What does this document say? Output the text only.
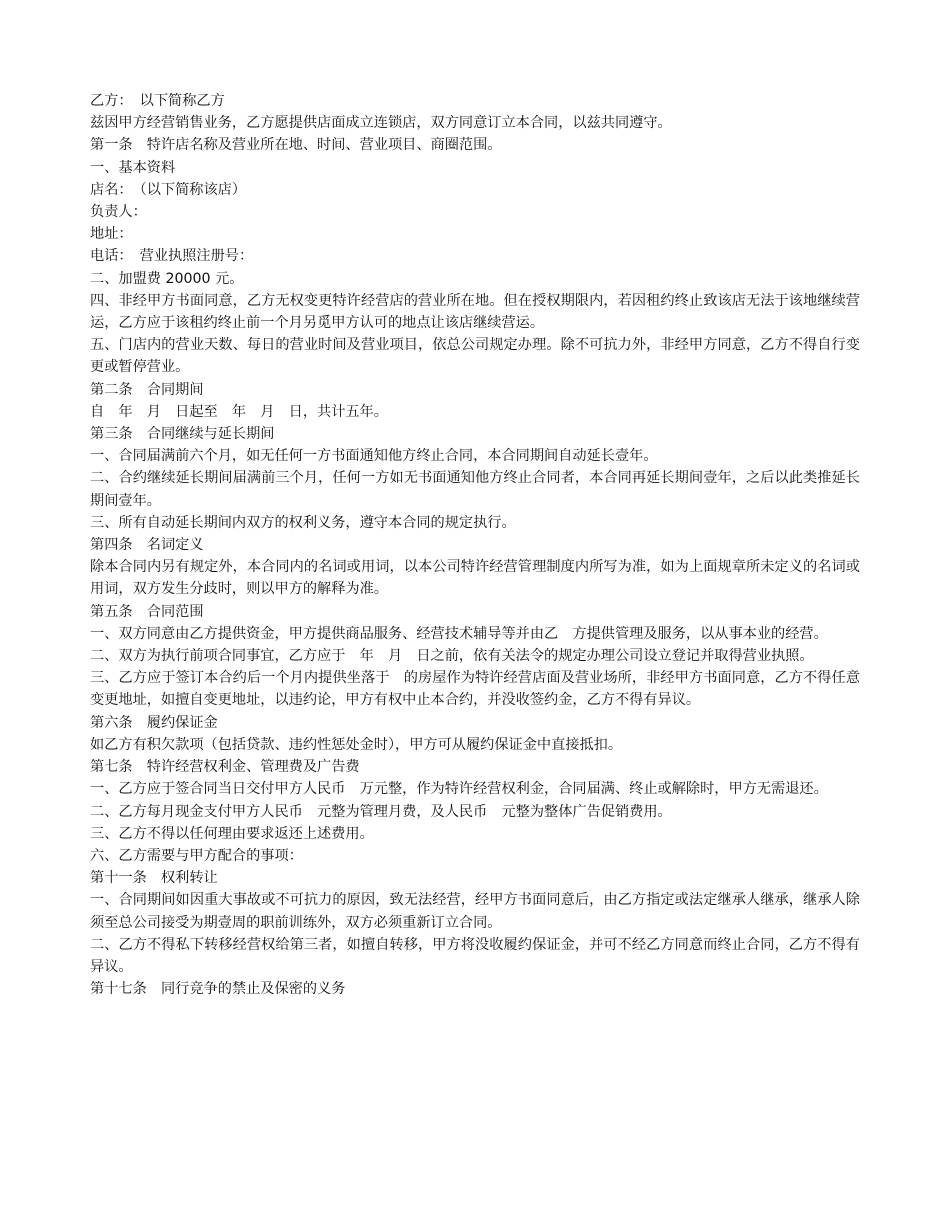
乙方：　以下简称乙方

兹因甲方经营销售业务，乙方愿提供店面成立连锁店，双方同意订立本合同，以兹共同遵守。

第一条　特许店名称及营业所在地、时间、营业项目、商圈范围。

一、基本资料

店名：　（以下简称该店）

负责人：

地址：

电话：　营业执照注册号：

二、加盟费 20000 元。

四、非经甲方书面同意，乙方无权变更特许经营店的营业所在地。但在授权期限内，若因租约终止致该店无法于该地继续营运，乙方应于该租约终止前一个月另觅甲方认可的地点让该店继续营运。

五、门店内的营业天数、每日的营业时间及营业项目，依总公司规定办理。除不可抗力外，非经甲方同意，乙方不得自行变更或暂停营业。

第二条　合同期间

自　年　月　日起至　年　月　日，共计五年。

第三条　合同继续与延长期间

一、合同届满前六个月，如无任何一方书面通知他方终止合同，本合同期间自动延长壹年。

二、合约继续延长期间届满前三个月，任何一方如无书面通知他方终止合同者，本合同再延长期间壹年，之后以此类推延长期间壹年。

三、所有自动延长期间内双方的权利义务，遵守本合同的规定执行。

第四条　名词定义

除本合同内另有规定外，本合同内的名词或用词，以本公司特许经营管理制度内所写为准，如为上面规章所未定义的名词或用词，双方发生分歧时，则以甲方的解释为准。

第五条　合同范围

一、双方同意由乙方提供资金，甲方提供商品服务、经营技术辅导等并由乙　方提供管理及服务，以从事本业的经营。

二、双方为执行前项合同事宜，乙方应于　年　月　日之前，依有关法令的规定办理公司设立登记并取得营业执照。

三、乙方应于签订本合约后一个月内提供坐落于　的房屋作为特许经营店面及营业场所，非经甲方书面同意，乙方不得任意变更地址，如擅自变更地址，以违约论，甲方有权中止本合约，并没收签约金，乙方不得有异议。

第六条　履约保证金

如乙方有积欠款项（包括贷款、违约性惩处金时），甲方可从履约保证金中直接抵扣。

第七条　特许经营权利金、管理费及广告费

一、乙方应于签合同当日交付甲方人民币　万元整，作为特许经营权利金，合同届满、终止或解除时，甲方无需退还。

二、乙方每月现金支付甲方人民币　元整为管理月费，及人民币　元整为整体广告促销费用。

三、乙方不得以任何理由要求返还上述费用。

六、乙方需要与甲方配合的事项：

第十一条　权利转让

一、合同期间如因重大事故或不可抗力的原因，致无法经营，经甲方书面同意后，由乙方指定或法定继承人继承，继承人除须至总公司接受为期壹周的职前训练外，双方必须重新订立合同。

二、乙方不得私下转移经营权给第三者，如擅自转移，甲方将没收履约保证金，并可不经乙方同意而终止合同，乙方不得有异议。

第十七条　同行竞争的禁止及保密的义务
